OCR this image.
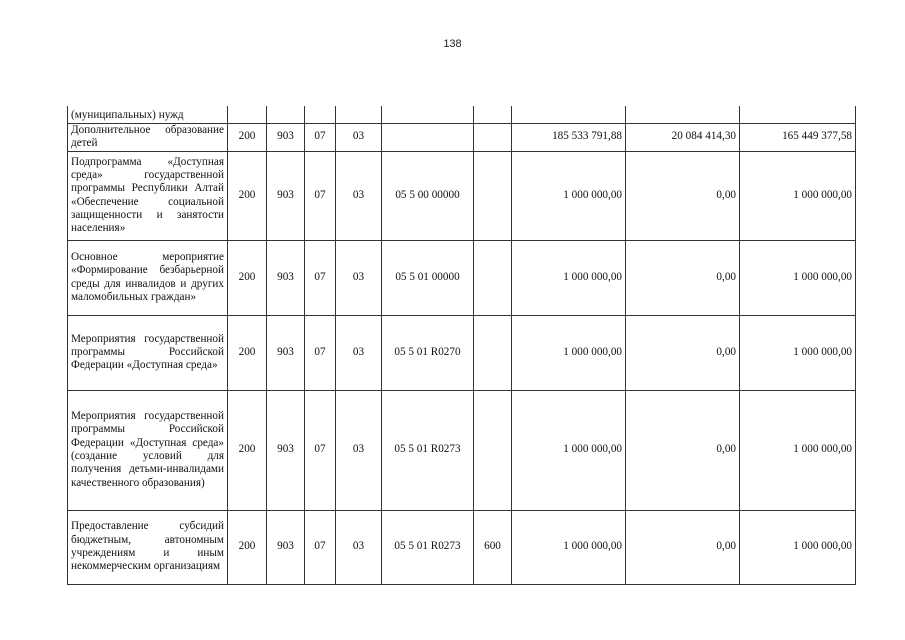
138
(муниципальных) нужд									
Дополнительное образование детей	200	903	07	03			185 533 791,88	20 084 414,30	165 449 377,58
Подпрограмма «Доступная среда» государственной программы Республики Алтай «Обеспечение социальной защищенности и занятости населения»	200	903	07	03	05 5 00 00000		1 000 000,00	0,00	1 000 000,00
Основное мероприятие «Формирование безбарьерной среды для инвалидов и других маломобильных граждан»	200	903	07	03	05 5 01 00000		1 000 000,00	0,00	1 000 000,00
Мероприятия государственной программы Российской Федерации «Доступная среда»	200	903	07	03	05 5 01 R0270		1 000 000,00	0,00	1 000 000,00
Мероприятия государственной программы Российской Федерации «Доступная среда» (создание условий для получения детьми-инвалидами качественного образования)	200	903	07	03	05 5 01 R0273		1 000 000,00	0,00	1 000 000,00
Предоставление субсидий бюджетным, автономным учреждениям и иным некоммерческим организациям	200	903	07	03	05 5 01 R0273	600	1 000 000,00	0,00	1 000 000,00
